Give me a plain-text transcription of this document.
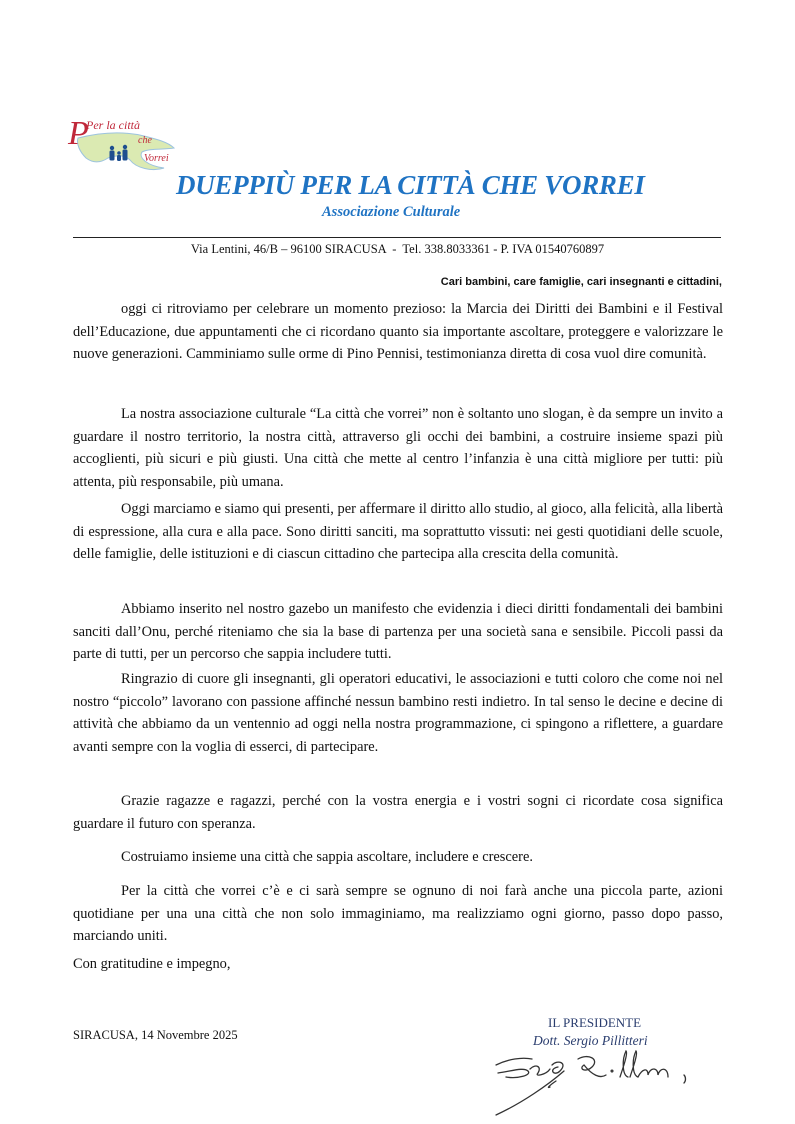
P
Per la città
che
Vorrei
DUEPPIÙ PER LA CITTÀ CHE VORREI
Associazione Culturale
Via Lentini, 46/B – 96100 SIRACUSA  -  Tel. 338.8033361 - P. IVA 01540760897
Cari bambini, care famiglie, cari insegnanti e cittadini,

oggi ci ritroviamo per celebrare un momento prezioso: la Marcia dei Diritti dei Bambini e il Festival dell’Educazione, due appuntamenti che ci ricordano quanto sia importante ascoltare, proteggere e valorizzare le nuove generazioni. Camminiamo sulle orme di Pino Pennisi, testimonianza diretta di cosa vuol dire comunità.

La nostra associazione culturale “La città che vorrei” non è soltanto uno slogan, è da sempre un invito a guardare il nostro territorio, la nostra città, attraverso gli occhi dei bambini, a costruire insieme spazi più accoglienti, più sicuri e più giusti. Una città che mette al centro l’infanzia è una città migliore per tutti: più attenta, più responsabile, più umana.

Oggi marciamo e siamo qui presenti, per affermare il diritto allo studio, al gioco, alla felicità, alla libertà di espressione, alla cura e alla pace. Sono diritti sanciti, ma soprattutto vissuti: nei gesti quotidiani delle scuole, delle famiglie, delle istituzioni e di ciascun cittadino che partecipa alla crescita della comunità.

Abbiamo inserito nel nostro gazebo un manifesto che evidenzia i dieci diritti fondamentali dei bambini sanciti dall’Onu, perché riteniamo che sia la base di partenza per una società sana e sensibile. Piccoli passi da parte di tutti, per un percorso che sappia includere tutti.

Ringrazio di cuore gli insegnanti, gli operatori educativi, le associazioni e tutti coloro che come noi nel nostro “piccolo” lavorano con passione affinché nessun bambino resti indietro. In tal senso le decine e decine di attività che abbiamo da un ventennio ad oggi nella nostra programmazione, ci spingono a riflettere, a guardare avanti sempre con la voglia di esserci, di partecipare.

Grazie ragazze e ragazzi, perché con la vostra energia e i vostri sogni ci ricordate cosa significa guardare il futuro con speranza.

Costruiamo insieme una città che sappia ascoltare, includere e crescere.

Per la città che vorrei c’è e ci sarà sempre se ognuno di noi farà anche una piccola parte, azioni quotidiane per una una città che non solo immaginiamo, ma realizziamo ogni giorno, passo dopo passo, marciando uniti.

Con gratitudine e impegno,

SIRACUSA, 14 Novembre 2025
IL PRESIDENTE
Dott. Sergio Pillitteri
